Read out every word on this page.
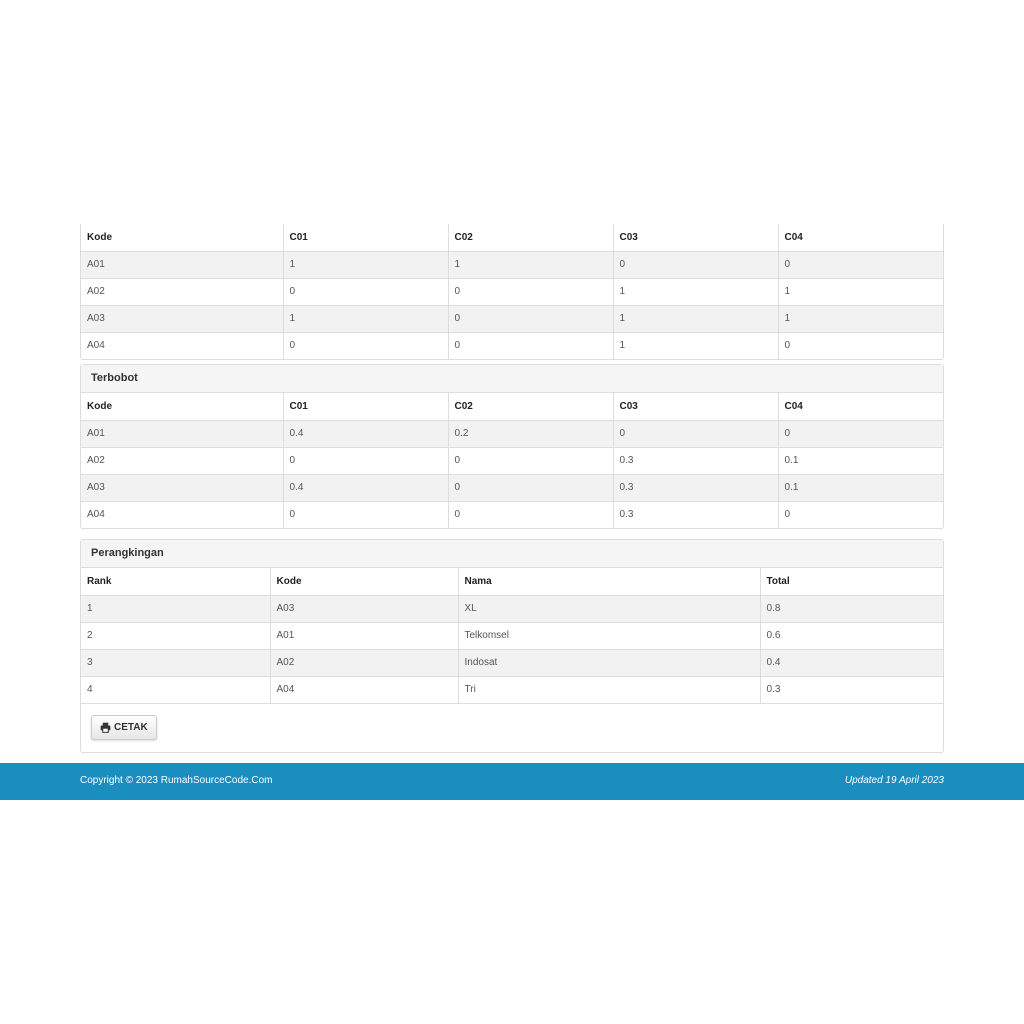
Kode	C01	C02	C03	C04
A01	1	1	0	0
A02	0	0	1	1
A03	1	0	1	1
A04	0	0	1	0
Terbobot
Kode	C01	C02	C03	C04
A01	0.4	0.2	0	0
A02	0	0	0.3	0.1
A03	0.4	0	0.3	0.1
A04	0	0	0.3	0
Perangkingan
Rank	Kode	Nama	Total
1	A03	XL	0.8
2	A01	Telkomsel	0.6
3	A02	Indosat	0.4
4	A04	Tri	0.3
CETAK
Copyright © 2023 RumahSourceCode.Com	Updated 19 April 2023
